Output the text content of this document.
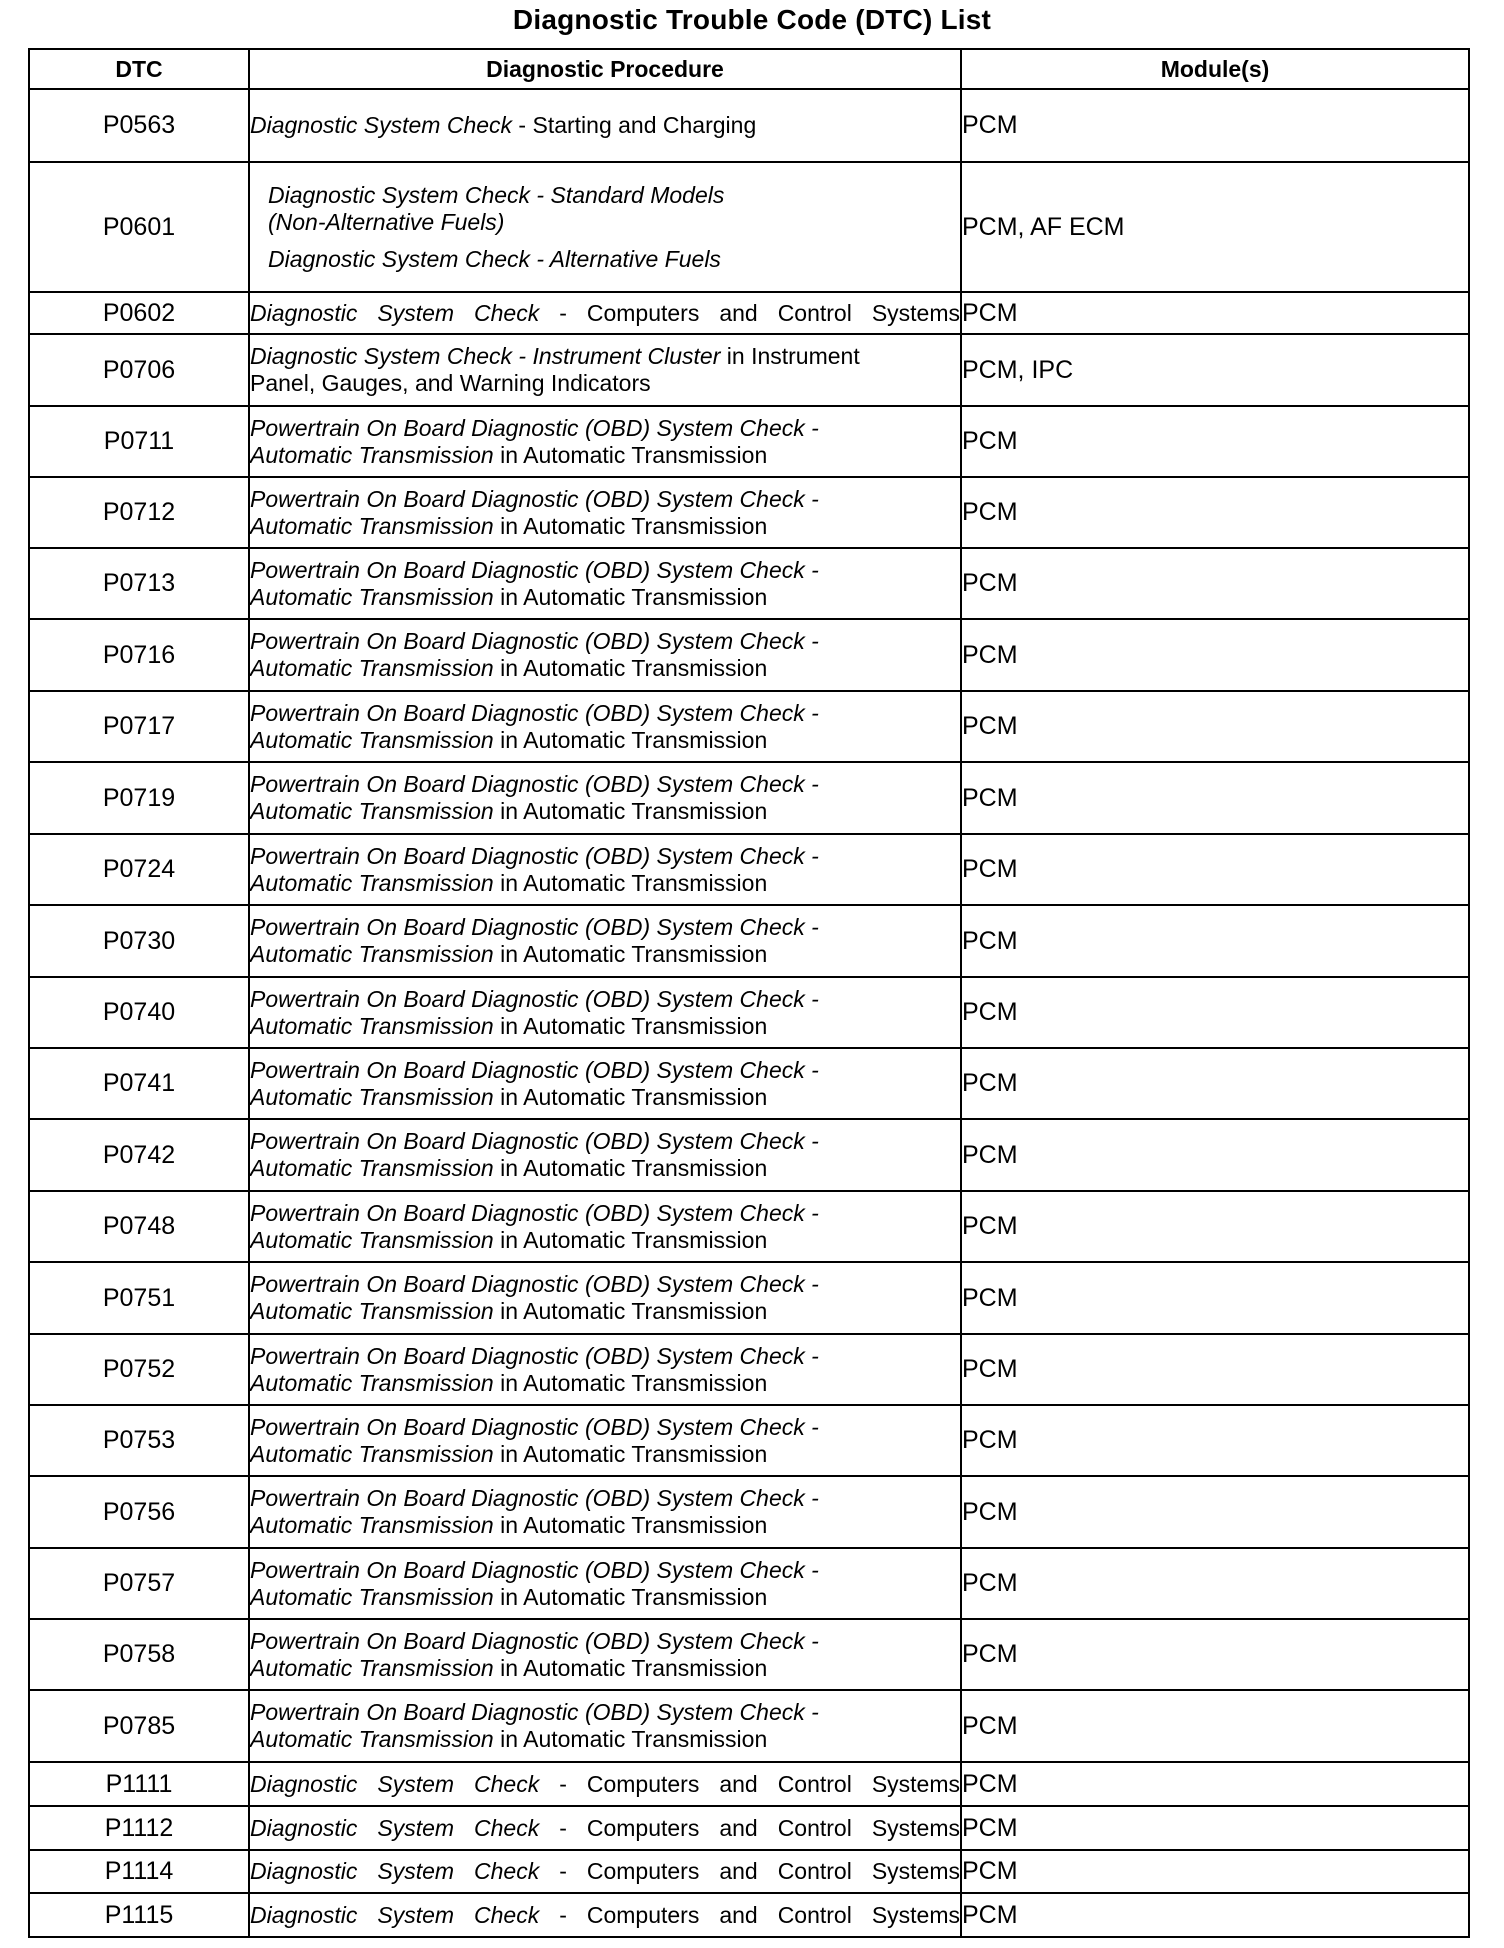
Diagnostic Trouble Code (DTC) List
DTC	Diagnostic Procedure	Module(s)
P0563	Diagnostic System Check - Starting and Charging	PCM
P0601	Diagnostic System Check - Standard Models
(Non-Alternative Fuels)
Diagnostic System Check - Alternative Fuels	PCM, AF ECM
P0602	Diagnostic System Check - Computers and Control Systems	PCM
P0706	Diagnostic System Check - Instrument Cluster in Instrument
Panel, Gauges, and Warning Indicators	PCM, IPC
P0711	Powertrain On Board Diagnostic (OBD) System Check -
Automatic Transmission in Automatic Transmission	PCM
P0712	Powertrain On Board Diagnostic (OBD) System Check -
Automatic Transmission in Automatic Transmission	PCM
P0713	Powertrain On Board Diagnostic (OBD) System Check -
Automatic Transmission in Automatic Transmission	PCM
P0716	Powertrain On Board Diagnostic (OBD) System Check -
Automatic Transmission in Automatic Transmission	PCM
P0717	Powertrain On Board Diagnostic (OBD) System Check -
Automatic Transmission in Automatic Transmission	PCM
P0719	Powertrain On Board Diagnostic (OBD) System Check -
Automatic Transmission in Automatic Transmission	PCM
P0724	Powertrain On Board Diagnostic (OBD) System Check -
Automatic Transmission in Automatic Transmission	PCM
P0730	Powertrain On Board Diagnostic (OBD) System Check -
Automatic Transmission in Automatic Transmission	PCM
P0740	Powertrain On Board Diagnostic (OBD) System Check -
Automatic Transmission in Automatic Transmission	PCM
P0741	Powertrain On Board Diagnostic (OBD) System Check -
Automatic Transmission in Automatic Transmission	PCM
P0742	Powertrain On Board Diagnostic (OBD) System Check -
Automatic Transmission in Automatic Transmission	PCM
P0748	Powertrain On Board Diagnostic (OBD) System Check -
Automatic Transmission in Automatic Transmission	PCM
P0751	Powertrain On Board Diagnostic (OBD) System Check -
Automatic Transmission in Automatic Transmission	PCM
P0752	Powertrain On Board Diagnostic (OBD) System Check -
Automatic Transmission in Automatic Transmission	PCM
P0753	Powertrain On Board Diagnostic (OBD) System Check -
Automatic Transmission in Automatic Transmission	PCM
P0756	Powertrain On Board Diagnostic (OBD) System Check -
Automatic Transmission in Automatic Transmission	PCM
P0757	Powertrain On Board Diagnostic (OBD) System Check -
Automatic Transmission in Automatic Transmission	PCM
P0758	Powertrain On Board Diagnostic (OBD) System Check -
Automatic Transmission in Automatic Transmission	PCM
P0785	Powertrain On Board Diagnostic (OBD) System Check -
Automatic Transmission in Automatic Transmission	PCM
P1111	Diagnostic System Check - Computers and Control Systems	PCM
P1112	Diagnostic System Check - Computers and Control Systems	PCM
P1114	Diagnostic System Check - Computers and Control Systems	PCM
P1115	Diagnostic System Check - Computers and Control Systems	PCM
